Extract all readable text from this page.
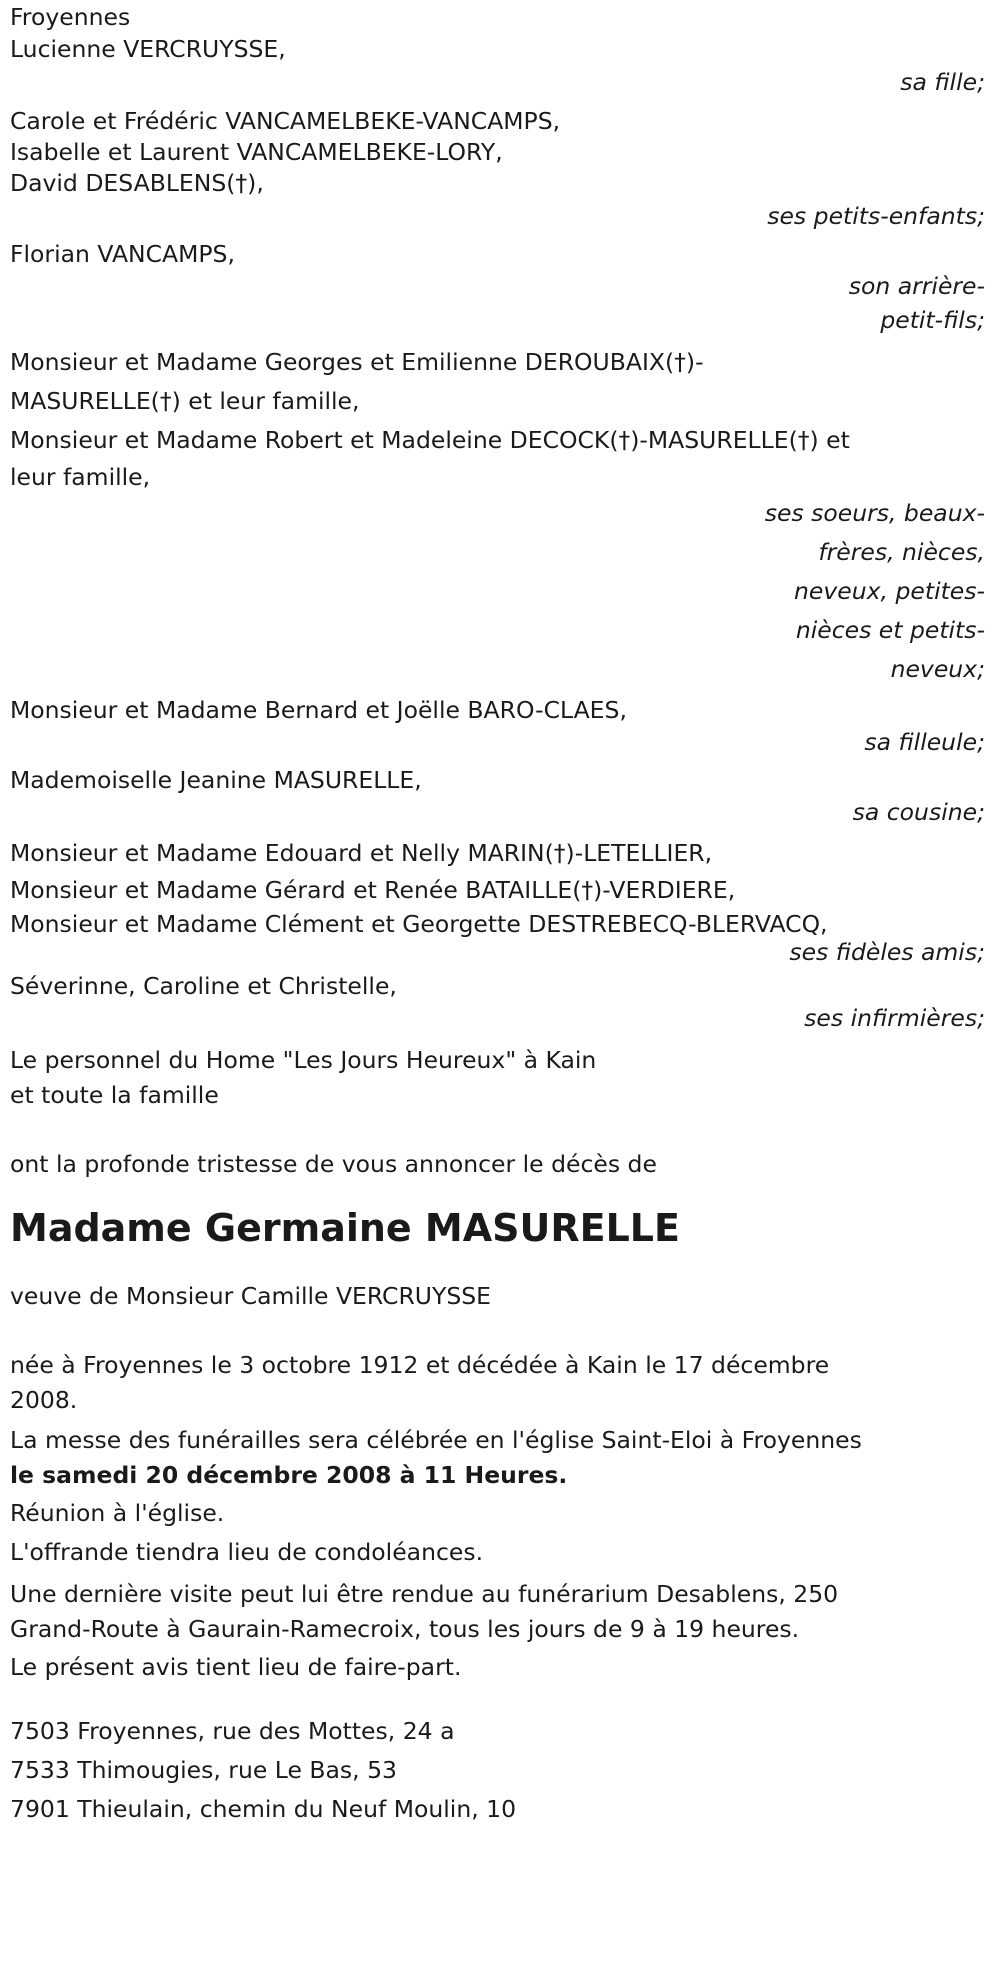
Froyennes
Lucienne VERCRUYSSE,
sa fille;
Carole et Frédéric VANCAMELBEKE-VANCAMPS,
Isabelle et Laurent VANCAMELBEKE-LORY,
David DESABLENS(†),
ses petits-enfants;
Florian VANCAMPS,
son arrière-
petit-fils;
Monsieur et Madame Georges et Emilienne DEROUBAIX(†)-
MASURELLE(†) et leur famille,
Monsieur et Madame Robert et Madeleine DECOCK(†)-MASURELLE(†) et
leur famille,
ses soeurs, beaux-
frères, nièces,
neveux, petites-
nièces et petits-
neveux;
Monsieur et Madame Bernard et Joëlle BARO-CLAES,
sa filleule;
Mademoiselle Jeanine MASURELLE,
sa cousine;
Monsieur et Madame Edouard et Nelly MARIN(†)-LETELLIER,
Monsieur et Madame Gérard et Renée BATAILLE(†)-VERDIERE,
Monsieur et Madame Clément et Georgette DESTREBECQ-BLERVACQ,
ses fidèles amis;
Séverinne, Caroline et Christelle,
ses infirmières;
Le personnel du Home "Les Jours Heureux" à Kain
et toute la famille
ont la profonde tristesse de vous annoncer le décès de
Madame Germaine MASURELLE
veuve de Monsieur Camille VERCRUYSSE
née à Froyennes le 3 octobre 1912 et décédée à Kain le 17 décembre
2008.
La messe des funérailles sera célébrée en l'église Saint-Eloi à Froyennes
le samedi 20 décembre 2008 à 11 Heures.
Réunion à l'église.
L'offrande tiendra lieu de condoléances.
Une dernière visite peut lui être rendue au funérarium Desablens, 250
Grand-Route à Gaurain-Ramecroix, tous les jours de 9 à 19 heures.
Le présent avis tient lieu de faire-part.
7503 Froyennes, rue des Mottes, 24 a
7533 Thimougies, rue Le Bas, 53
7901 Thieulain, chemin du Neuf Moulin, 10
